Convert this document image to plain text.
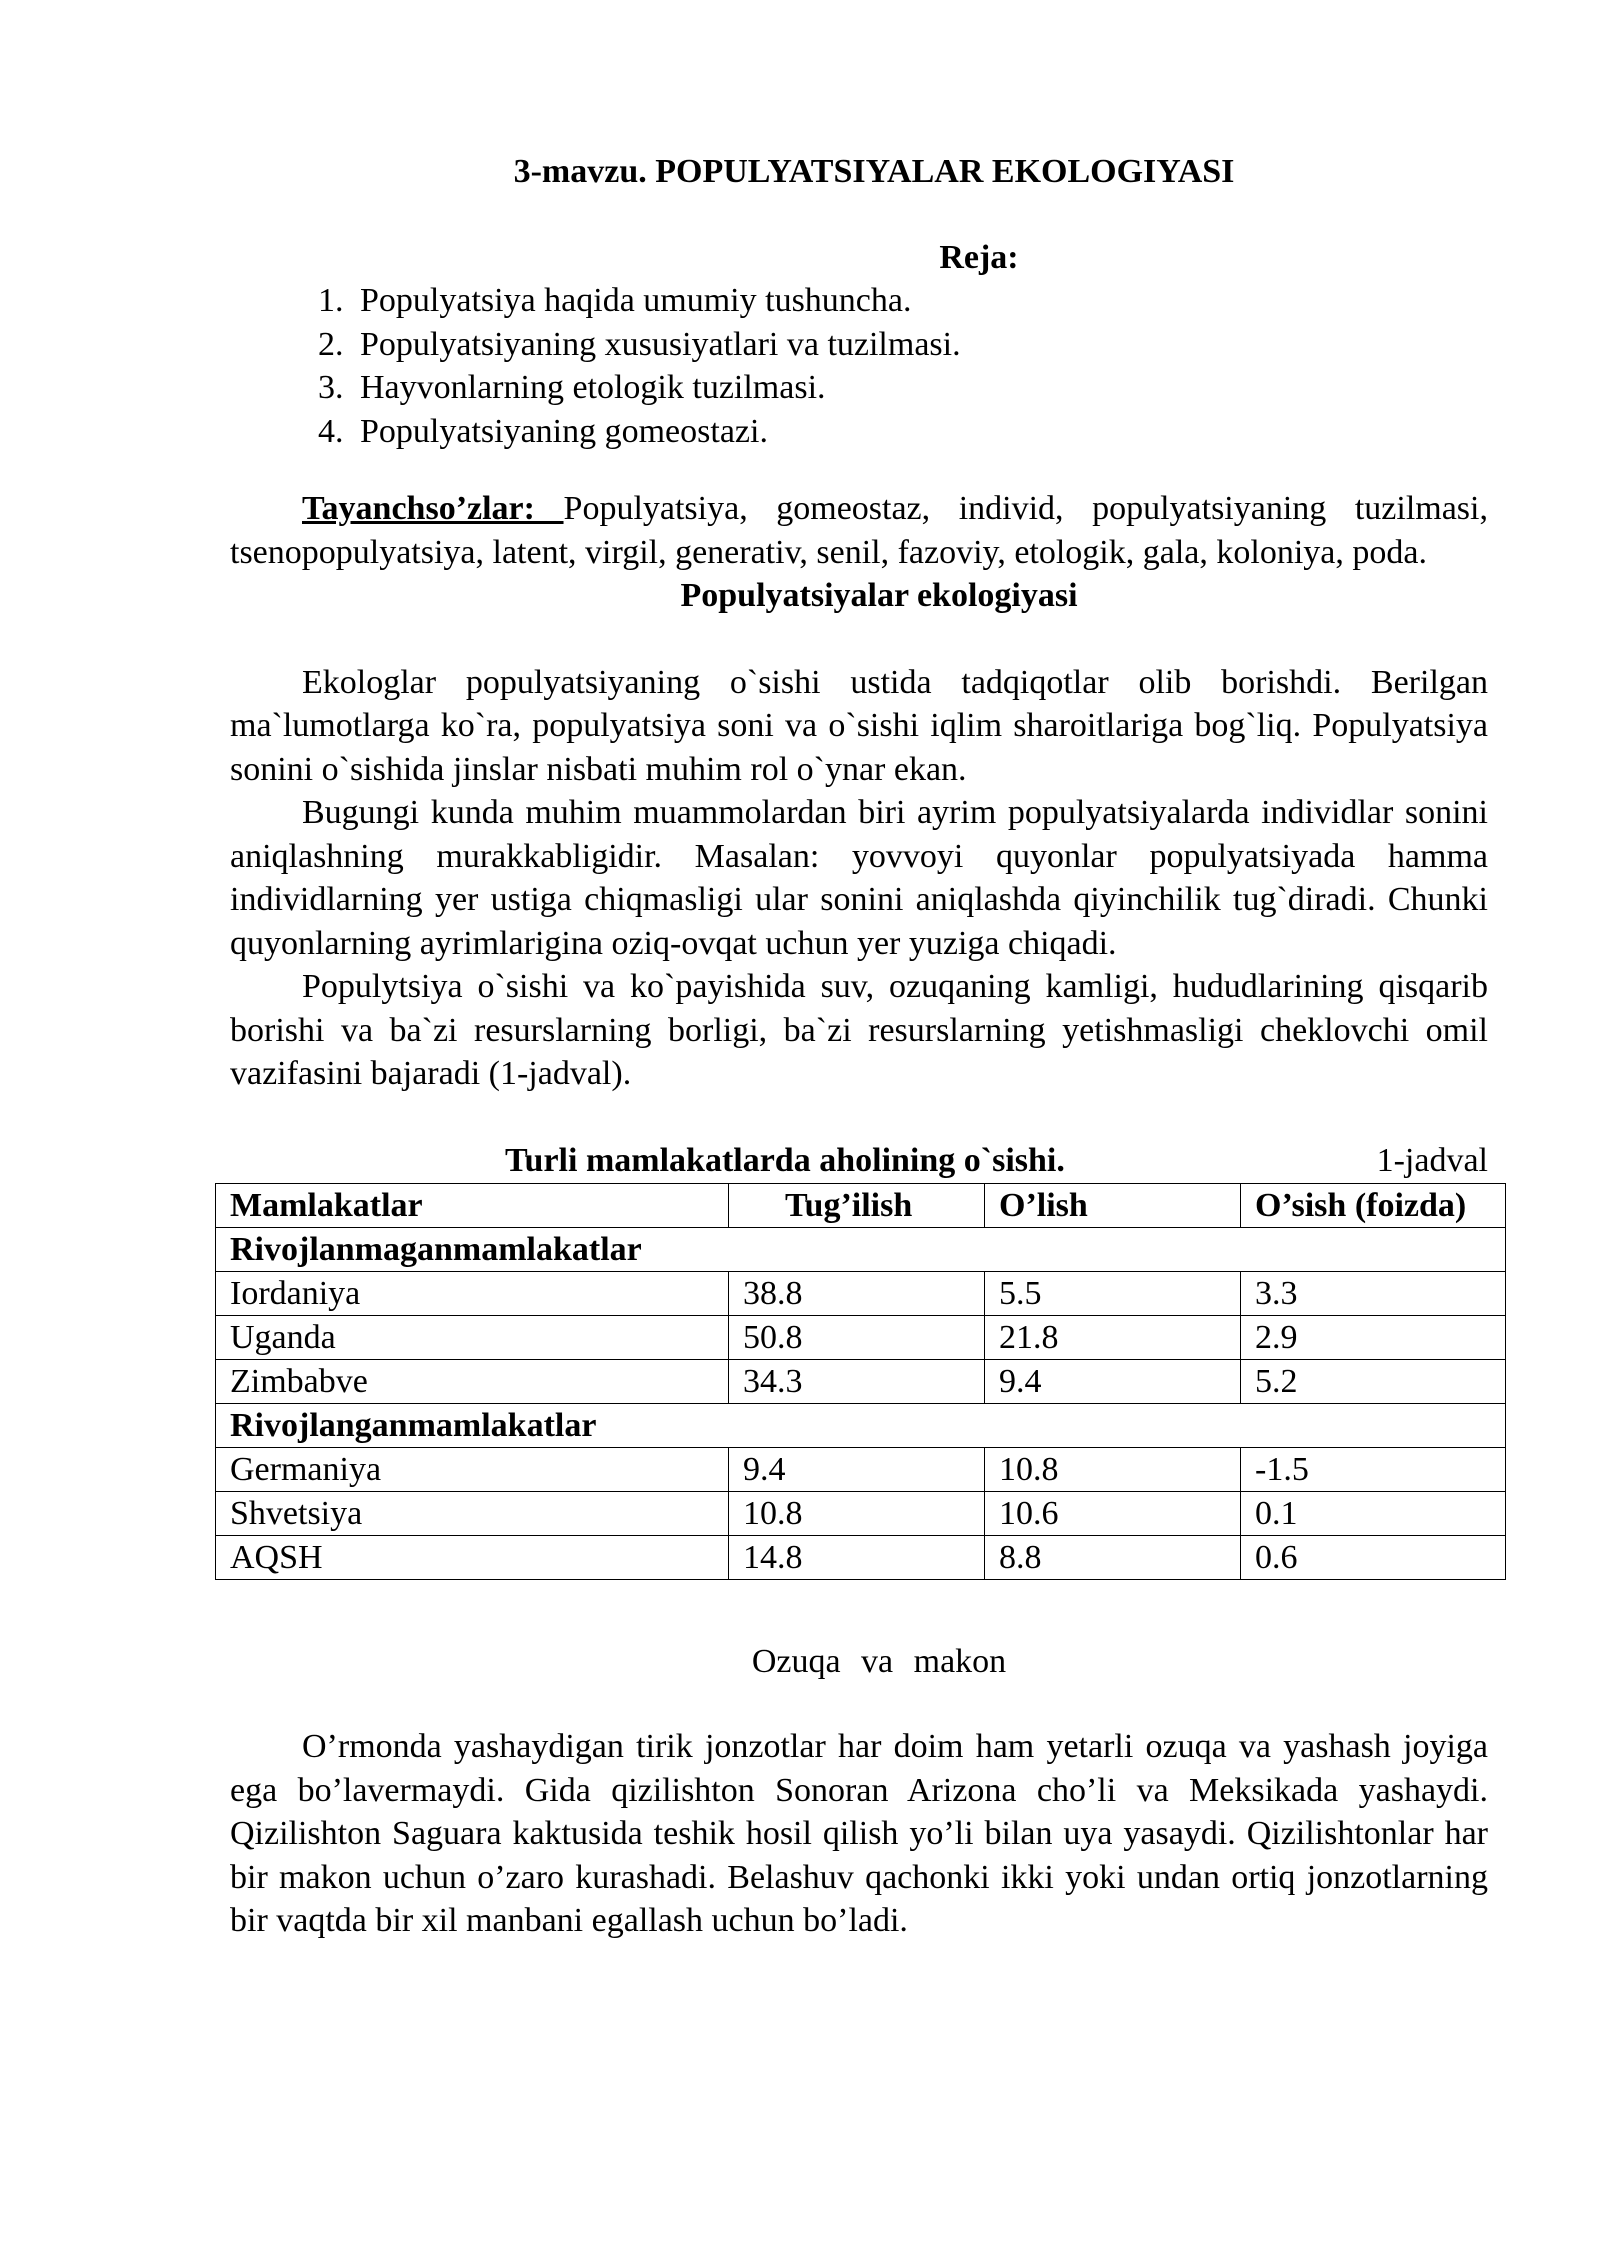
3-mavzu. POPULYATSIYALAR EKOLOGIYASI
Reja:
1. Populyatsiya haqida umumiy tushuncha.
2. Populyatsiyaning xususiyatlari va tuzilmasi.
3. Hayvonlarning etologik tuzilmasi.
4. Populyatsiyaning gomeostazi.

Tayanchso’zlar: Populyatsiya, gomeostaz, individ, populyatsiyaning tuzilmasi, tsenopopulyatsiya, latent, virgil, generativ, senil, fazoviy, etologik, gala, koloniya, poda.

Populyatsiyalar ekologiyasi

Ekologlar populyatsiyaning o`sishi ustida tadqiqotlar olib borishdi. Berilgan ma`lumotlarga ko`ra, populyatsiya soni va o`sishi iqlim sharoitlariga bog`liq. Populyatsiya sonini o`sishida jinslar nisbati muhim rol o`ynar ekan.

Bugungi kunda muhim muammolardan biri ayrim populyatsiyalarda individlar sonini aniqlashning murakkabligidir. Masalan: yovvoyi quyonlar populyatsiyada hamma individlarning yer ustiga chiqmasligi ular sonini aniqlashda qiyinchilik tug`diradi. Chunki quyonlarning ayrimlarigina oziq-ovqat uchun yer yuziga chiqadi.

Populytsiya o`sishi va ko`payishida suv, ozuqaning kamligi, hududlarining qisqarib borishi va ba`zi resurslarning borligi, ba`zi resurslarning yetishmasligi cheklovchi omil vazifasini bajaradi (1-jadval).

Turli mamlakatlarda aholining o`sishi.	1-jadval
Mamlakatlar	Tug’ilish	O’lish	O’sish (foizda)
Rivojlanmaganmamlakatlar			
Iordaniya	38.8	5.5	3.3
Uganda	50.8	21.8	2.9
Zimbabve	34.3	9.4	5.2
Rivojlanganmamlakatlar			
Germaniya	9.4	10.8	-1.5
Shvetsiya	10.8	10.6	0.1
AQSH	14.8	8.8	0.6
Ozuqa va makon

O’rmonda yashaydigan tirik jonzotlar har doim ham yetarli ozuqa va yashash joyiga ega bo’lavermaydi. Gida qizilishton Sonoran Arizona cho’li va Meksikada yashaydi. Qizilishton Saguara kaktusida teshik hosil qilish yo’li bilan uya yasaydi. Qizilishtonlar har bir makon uchun o’zaro kurashadi. Belashuv qachonki ikki yoki undan ortiq jonzotlarning bir vaqtda bir xil manbani egallash uchun bo’ladi.
